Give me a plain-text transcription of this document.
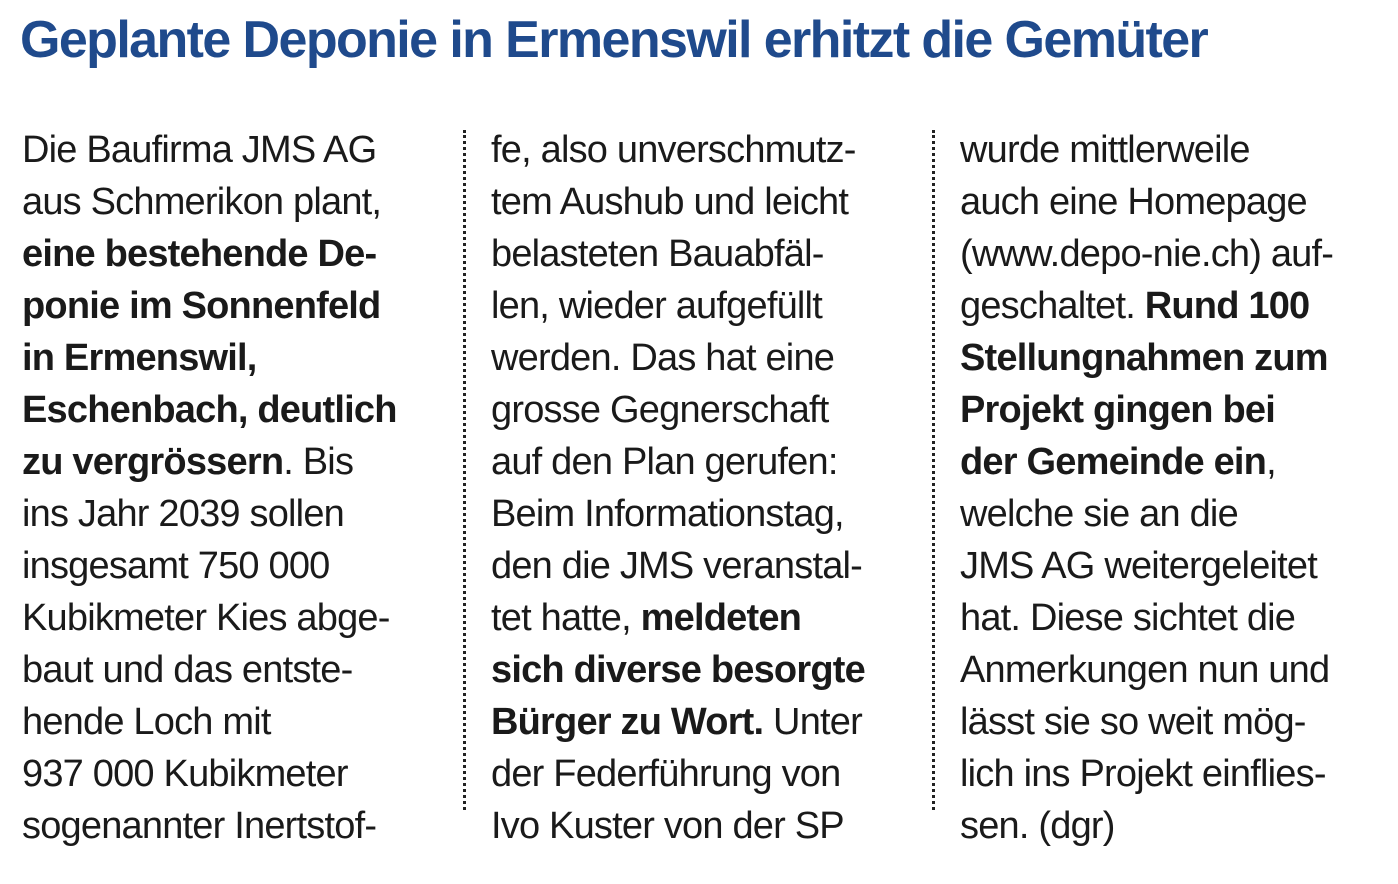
Geplante Deponie in Ermenswil erhitzt die Gemüter
Die Baufirma JMS AG
aus Schmerikon plant,
eine bestehende De-
ponie im Sonnenfeld
in Ermenswil,
Eschenbach, deutlich
zu vergrössern. Bis
ins Jahr 2039 sollen
insgesamt 750 000
Kubikmeter Kies abge-
baut und das entste-
hende Loch mit
937 000 Kubikmeter
sogenannter Inertstof-
fe, also unverschmutz-
tem Aushub und leicht
belasteten Bauabfäl-
len, wieder aufgefüllt
werden. Das hat eine
grosse Gegnerschaft
auf den Plan gerufen:
Beim Informationstag,
den die JMS veranstal-
tet hatte, meldeten
sich diverse besorgte
Bürger zu Wort. Unter
der Federführung von
Ivo Kuster von der SP
wurde mittlerweile
auch eine Homepage
(www.depo-nie.ch) auf-
geschaltet. Rund 100
Stellungnahmen zum
Projekt gingen bei
der Gemeinde ein,
welche sie an die
JMS AG weitergeleitet
hat. Diese sichtet die
Anmerkungen nun und
lässt sie so weit mög-
lich ins Projekt einflies-
sen. (dgr)
